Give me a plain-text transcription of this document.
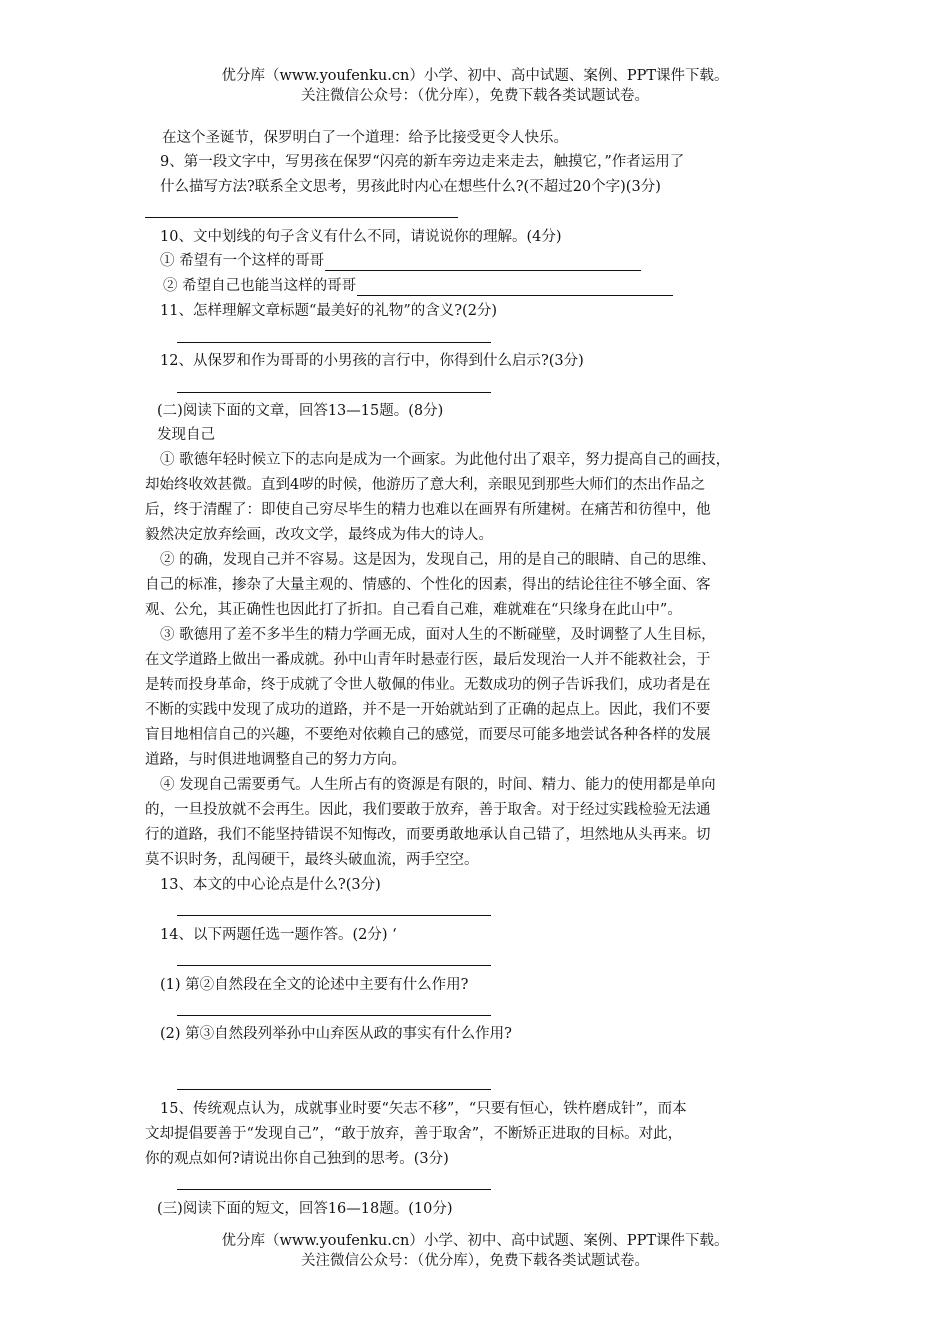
优分库（www.youfenku.cn）小学、初中、高中试题、案例、PPT课件下载。
关注微信公众号：（优分库），免费下载各类试题试卷。
在这个圣诞节，保罗明白了一个道理：给予比接受更令人快乐。
9、第一段文字中，写男孩在保罗“闪亮的新车旁边走来走去，触摸它，”作者运用了
什么描写方法?联系全文思考，男孩此时内心在想些什么?(不超过20个字)(3分)
10、文中划线的句子含义有什么不同，请说说你的理解。(4分)
① 希望有一个这样的哥哥
② 希望自己也能当这样的哥哥
11、怎样理解文章标题“最美好的礼物”的含义?(2分)
12、从保罗和作为哥哥的小男孩的言行中，你得到什么启示?(3分)
(二)阅读下面的文章，回答13—15题。(8分)
发现自己
① 歌德年轻时候立下的志向是成为一个画家。为此他付出了艰辛，努力提高自己的画技，
却始终收效甚微。直到4哕的时候，他游历了意大利，亲眼见到那些大师们的杰出作品之
后，终于清醒了：即使自己穷尽毕生的精力也难以在画界有所建树。在痛苦和彷徨中，他
毅然决定放弃绘画，改攻文学，最终成为伟大的诗人。
② 的确，发现自己并不容易。这是因为，发现自己，用的是自己的眼睛、自己的思维、
自己的标准，掺杂了大量主观的、情感的、个性化的因素，得出的结论往往不够全面、客
观、公允，其正确性也因此打了折扣。自己看自己难，难就难在“只缘身在此山中”。
③ 歌德用了差不多半生的精力学画无成，面对人生的不断碰壁，及时调整了人生目标，
在文学道路上做出一番成就。孙中山青年时悬壶行医，最后发现治一人并不能救社会，于
是转而投身革命，终于成就了令世人敬佩的伟业。无数成功的例子告诉我们，成功者是在
不断的实践中发现了成功的道路，并不是一开始就站到了正确的起点上。因此，我们不要
盲目地相信自己的兴趣，不要绝对依赖自己的感觉，而要尽可能多地尝试各种各样的发展
道路，与时俱进地调整自己的努力方向。
④ 发现自己需要勇气。人生所占有的资源是有限的，时间、精力、能力的使用都是单向
的，一旦投放就不会再生。因此，我们要敢于放弃，善于取舍。对于经过实践检验无法通
行的道路，我们不能坚持错误不知悔改，而要勇敢地承认自己错了，坦然地从头再来。切
莫不识时务，乱闯硬干，最终头破血流，两手空空。
13、本文的中心论点是什么?(3分)
14、以下两题任选一题作答。(2分) ‘
(1) 第②自然段在全文的论述中主要有什么作用?
(2) 第③自然段列举孙中山弃医从政的事实有什么作用?
15、传统观点认为，成就事业时要“矢志不移”，“只要有恒心，铁杵磨成针”，而本
文却提倡要善于“发现自己”，“敢于放弃，善于取舍”，不断矫正进取的目标。对此，
你的观点如何?请说出你自己独到的思考。(3分)
(三)阅读下面的短文，回答16—18题。(10分)
优分库（www.youfenku.cn）小学、初中、高中试题、案例、PPT课件下载。
关注微信公众号：（优分库），免费下载各类试题试卷。
